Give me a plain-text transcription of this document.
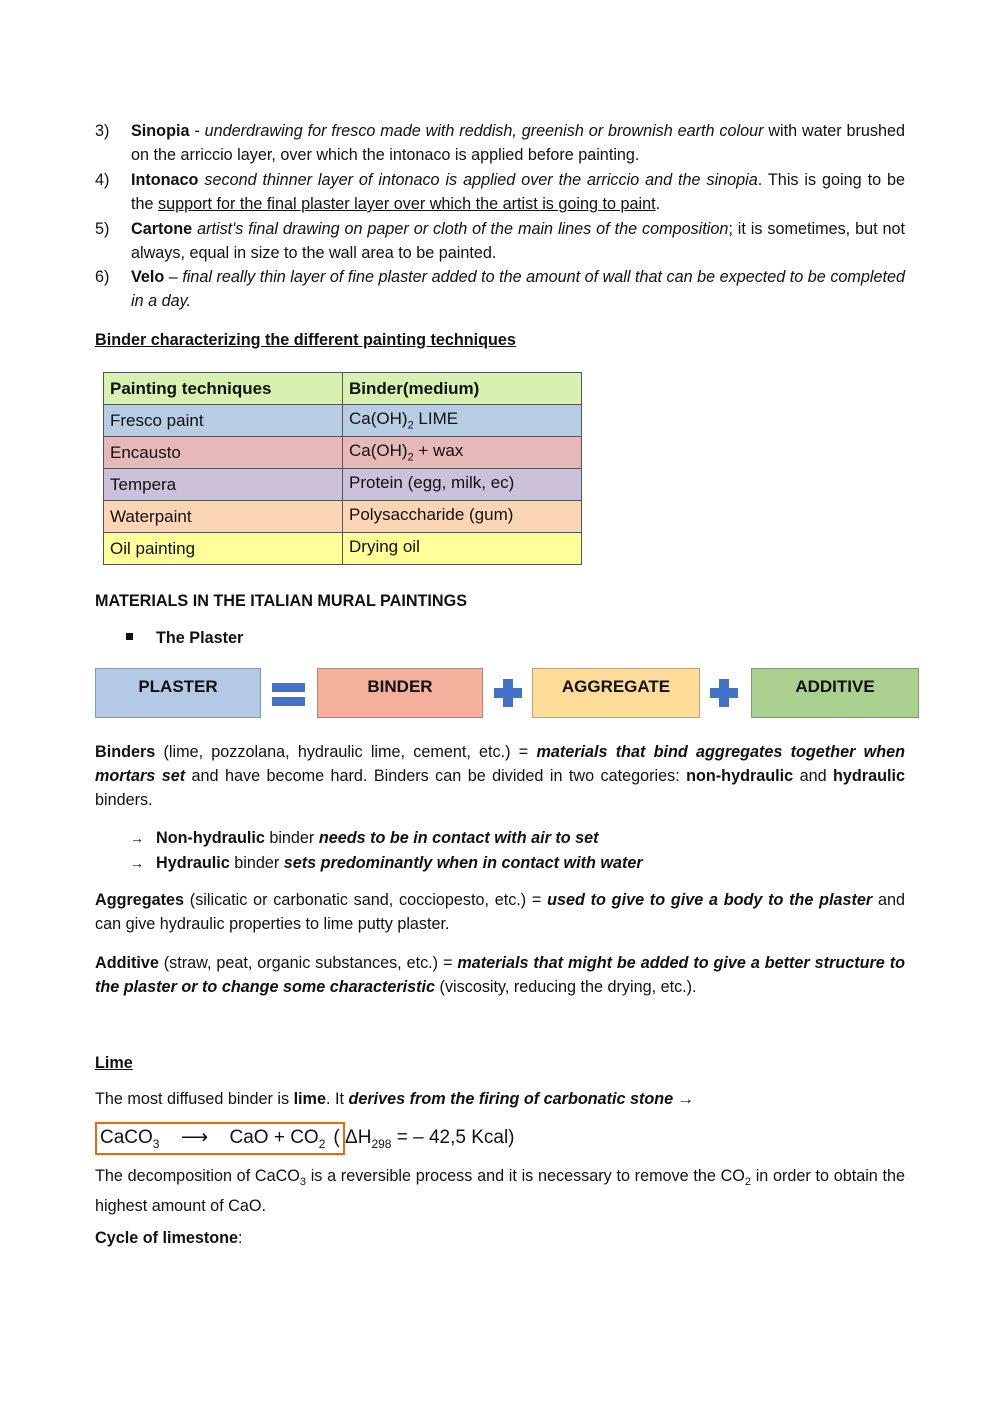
3)	Sinopia - underdrawing for fresco made with reddish, greenish or brownish earth colour with water brushed on the arriccio layer, over which the intonaco is applied before painting.
4)	Intonaco second thinner layer of intonaco is applied over the arriccio and the sinopia. This is going to be the support for the final plaster layer over which the artist is going to paint.
5)	Cartone artist's final drawing on paper or cloth of the main lines of the composition; it is sometimes, but not always, equal in size to the wall area to be painted.
6)	Velo – final really thin layer of fine plaster added to the amount of wall that can be expected to be completed in a day.
Binder characterizing the different painting techniques
Painting techniques	Binder(medium)
Fresco paint	$Ca(OH)_2$ LIME
Encausto	$Ca(OH)_2$ + wax
Tempera	Protein (egg, milk, ec)
Waterpaint	Polysaccharide (gum)
Oil painting	Drying oil
MATERIALS IN THE ITALIAN MURAL PAINTINGS
The Plaster
PLASTER	BINDER	AGGREGATE	ADDITIVE
Binders (lime, pozzolana, hydraulic lime, cement, etc.) = materials that bind aggregates together when mortars set and have become hard. Binders can be divided in two categories: non-hydraulic and hydraulic binders.
→ Non-hydraulic binder needs to be in contact with air to set
→ Hydraulic binder sets predominantly when in contact with water
Aggregates (silicatic or carbonatic sand, cocciopesto, etc.) = used to give to give a body to the plaster and can give hydraulic properties to lime putty plaster.
Additive (straw, peat, organic substances, etc.) = materials that might be added to give a better structure to the plaster or to change some characteristic (viscosity, reducing the drying, etc.).
Lime
The most diffused binder is lime. It derives from the firing of carbonatic stone →
CaCO$_3$ ⟶ CaO + $CO_2$ ( $\Delta H_{298}$ = – 42,5 Kcal)
The decomposition of CaCO$_3$ is a reversible process and it is necessary to remove the $CO_2$ in order to obtain the highest amount of CaO.
Cycle of limestone:
